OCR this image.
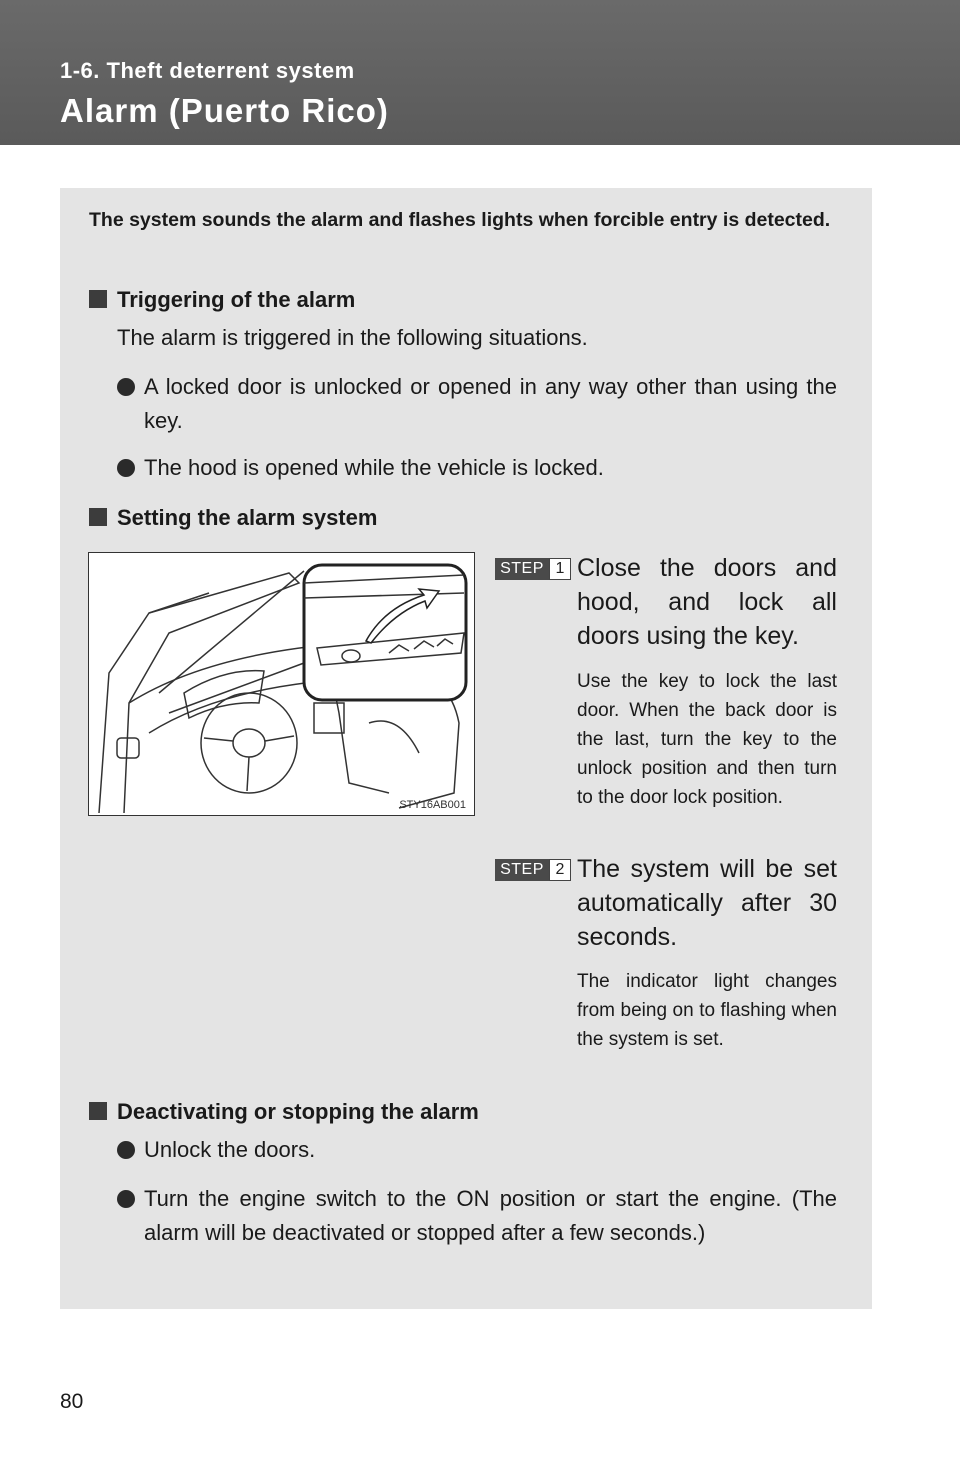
1-6. Theft deterrent system
Alarm (Puerto Rico)
The system sounds the alarm and flashes lights when forcible entry is detected.
Triggering of the alarm
The alarm is triggered in the following situations.
A locked door is unlocked or opened in any way other than using the key.
The hood is opened while the vehicle is locked.
Setting the alarm system
STY16AB001
STEP 1 Close the doors and hood, and lock all doors using the key.
Use the key to lock the last door. When the back door is the last, turn the key to the unlock position and then turn to the door lock position.
STEP 2 The system will be set automatically after 30 seconds.
The indicator light changes from being on to flashing when the system is set.
Deactivating or stopping the alarm
Unlock the doors.
Turn the engine switch to the ON position or start the engine. (The alarm will be deactivated or stopped after a few seconds.)
80
